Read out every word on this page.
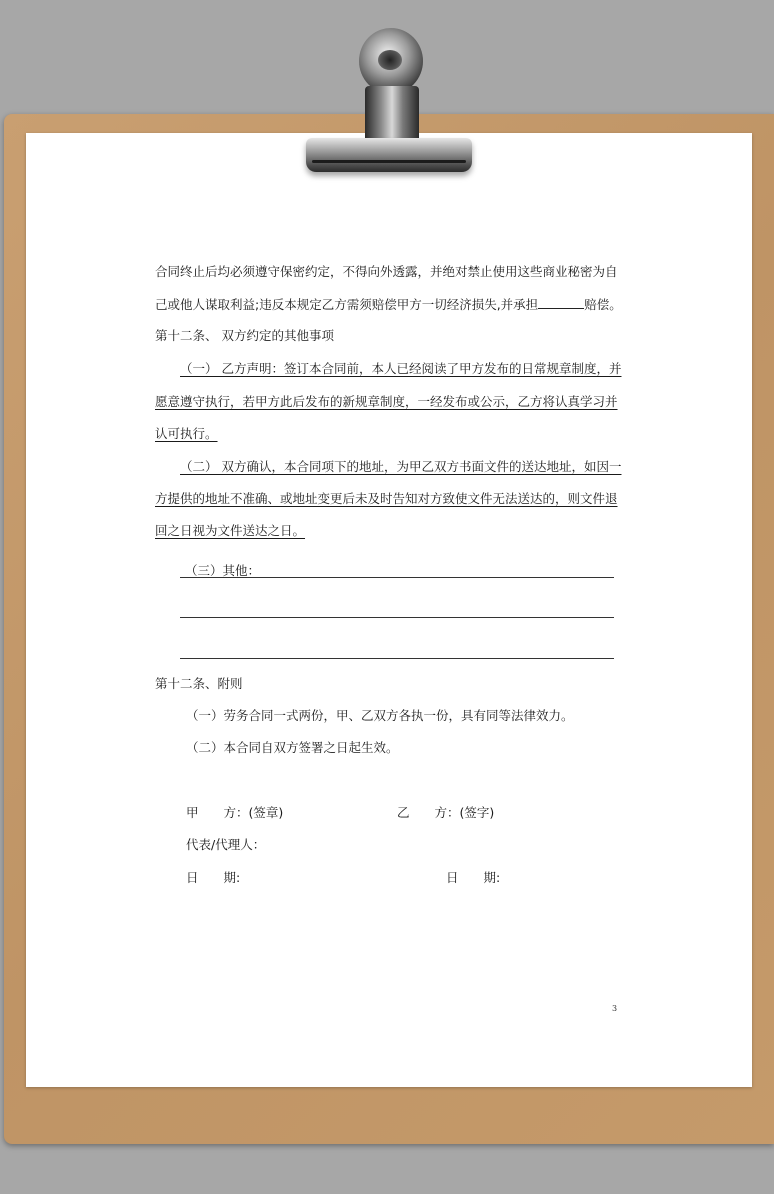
合同终止后均必须遵守保密约定，不得向外透露，并绝对禁止使用这些商业秘密为自
己或他人谋取利益;违反本规定乙方需须赔偿甲方一切经济损失,并承担	赔偿。
第十二条、 双方约定的其他事项
（一） 乙方声明：签订本合同前，本人已经阅读了甲方发布的日常规章制度，并
愿意遵守执行，若甲方此后发布的新规章制度，一经发布或公示，乙方将认真学习并
认可执行。
（二） 双方确认，本合同项下的地址，为甲乙双方书面文件的送达地址，如因一
方提供的地址不准确、或地址变更后未及时告知对方致使文件无法送达的，则文件退
回之日视为文件送达之日。
（三）其他：
第十二条、附则
（一）劳务合同一式两份，甲、乙双方各执一份，具有同等法律效力。
（二）本合同自双方签署之日起生效。
甲　　方：(签章)	乙　　方：(签字)
代表/代理人：
日　　期:	日　　期:
3
